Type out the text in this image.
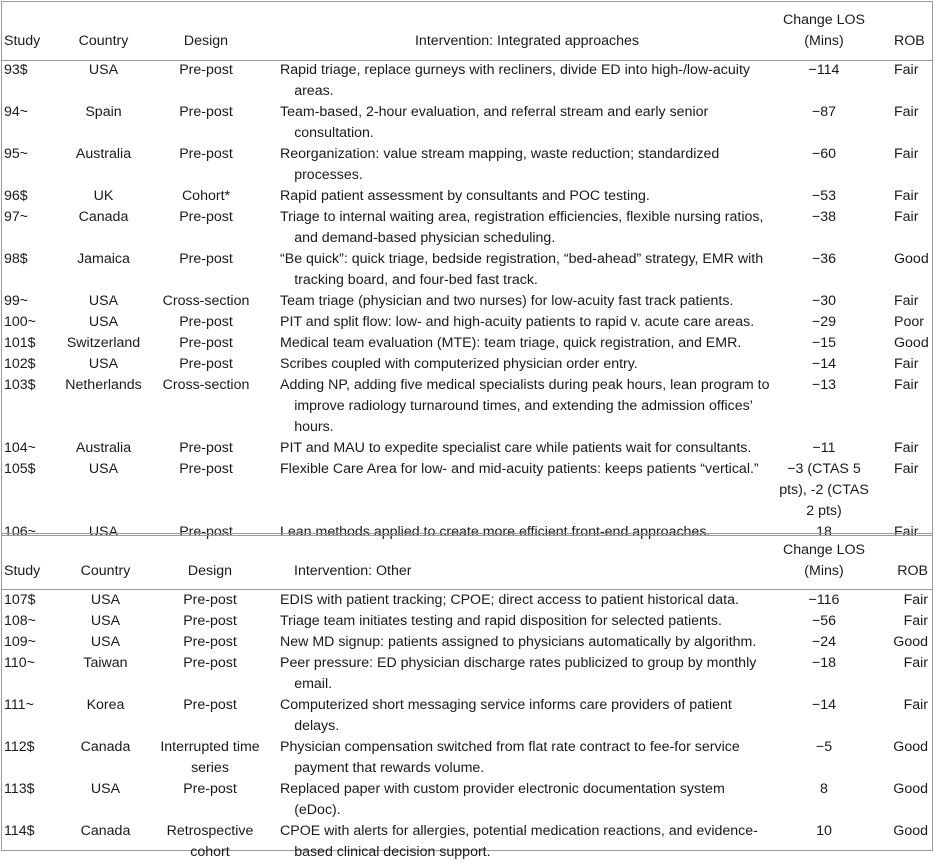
Study	Country	Design		Intervention: Integrated approaches	Change LOS
(Mins)	ROB
93$	USA	Pre-post		Rapid triage, replace gurneys with recliners, divide ED into high-/low-acuity areas.	−114	Fair
94~	Spain	Pre-post		Team-based, 2-hour evaluation, and referral stream and early senior consultation.	−87	Fair
95~	Australia	Pre-post		Reorganization: value stream mapping, waste reduction; standardized processes.	−60	Fair
96$	UK	Cohort*		Rapid patient assessment by consultants and POC testing.	−53	Fair
97~	Canada	Pre-post		Triage to internal waiting area, registration efficiencies, flexible nursing ratios, and demand-based physician scheduling.	−38	Fair
98$	Jamaica	Pre-post		“Be quick”: quick triage, bedside registration, “bed-ahead” strategy, EMR with tracking board, and four-bed fast track.	−36	Good
99~	USA	Cross-section		Team triage (physician and two nurses) for low-acuity fast track patients.	−30	Fair
100~	USA	Pre-post		PIT and split flow: low- and high-acuity patients to rapid v. acute care areas.	−29	Poor
101$	Switzerland	Pre-post		Medical team evaluation (MTE): team triage, quick registration, and EMR.	−15	Good
102$	USA	Pre-post		Scribes coupled with computerized physician order entry.	−14	Fair
103$	Netherlands	Cross-section		Adding NP, adding five medical specialists during peak hours, lean program to improve radiology turnaround times, and extending the admission offices’ hours.	−13	Fair
104~	Australia	Pre-post		PIT and MAU to expedite specialist care while patients wait for consultants.	−11	Fair
105$	USA	Pre-post		Flexible Care Area for low- and mid-acuity patients: keeps patients “vertical.”	−3 (CTAS 5 pts), -2 (CTAS 2 pts)	Fair
106~	USA	Pre-post		Lean methods applied to create more efficient front-end approaches.	18	Fair
Study	Country	Design		Intervention: Other	Change LOS
(Mins)	ROB
107$	USA	Pre-post		EDIS with patient tracking; CPOE; direct access to patient historical data.	−116	Fair
108~	USA	Pre-post		Triage team initiates testing and rapid disposition for selected patients.	−56	Fair
109~	USA	Pre-post		New MD signup: patients assigned to physicians automatically by algorithm.	−24	Good
110~	Taiwan	Pre-post		Peer pressure: ED physician discharge rates publicized to group by monthly email.	−18	Fair
111~	Korea	Pre-post		Computerized short messaging service informs care providers of patient delays.	−14	Fair
112$	Canada	Interrupted time series		Physician compensation switched from flat rate contract to fee-for service payment that rewards volume.	−5	Good
113$	USA	Pre-post		Replaced paper with custom provider electronic documentation system (eDoc).	8	Good
114$	Canada	Retrospective cohort		CPOE with alerts for allergies, potential medication reactions, and evidence-based clinical decision support.	10	Good
